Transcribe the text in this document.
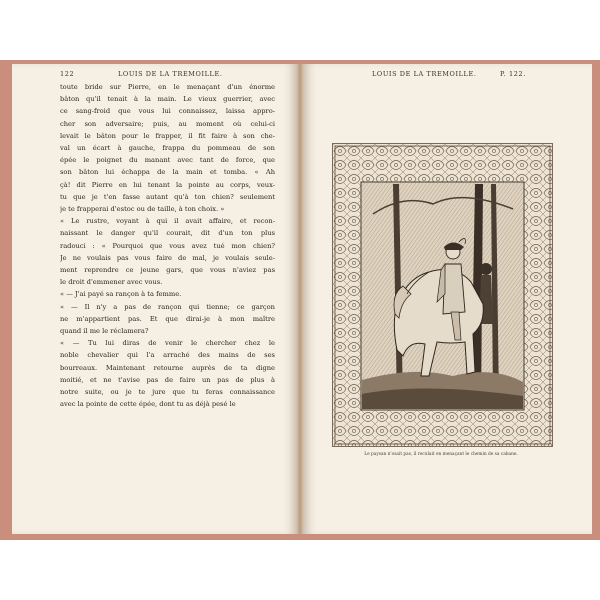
122	LOUIS DE LA TREMOILLE.	LOUIS DE LA TREMOILLE.	P. 122.
toute bride sur Pierre, en le menaçant d'un énorme
bâton qu'il tenait à la main. Le vieux guerrier, avec
ce sang-froid que vous lui connaissez, laissa appro-
cher son adversaire; puis, au moment où celui-ci
levait le bâton pour le frapper, il fit faire à son che-
val un écart à gauche, frappa du pommeau de son
épée le poignet du manant avec tant de force, que
son bâton lui échappa de la main et tomba. « Ah
çà! dit Pierre en lui tenant la pointe au corps, veux-
tu que je t'en fasse autant qu'à ton chien? seulement
je te frapperai d'estoc ou de taille, à ton choix. »
« Le rustre, voyant à qui il avait affaire, et recon-
naissant le danger qu'il courait, dit d'un ton plus
radouci : « Pourquoi que vous avez tué mon chien?
Je ne voulais pas vous faire de mal, je voulais seule-
ment reprendre ce jeune gars, que vous n'aviez pas
le droit d'emmener avec vous.
« — J'ai payé sa rançon à ta femme.
« — Il n'y a pas de rançon qui tienne; ce garçon
ne m'appartient pas. Et que dirai-je à mon maître
quand il me le réclamera?
« — Tu lui diras de venir le chercher chez le
noble chevalier qui l'a arraché des mains de ses
bourreaux. Maintenant retourne auprès de ta digne
moitié, et ne t'avise pas de faire un pas de plus à
notre suite, ou je te jure que tu feras connaissance
avec la pointe de cette épée, dont tu as déjà pesé le
Le paysan n'osait pas, il reculait en menaçant le chemin de sa cabane.
